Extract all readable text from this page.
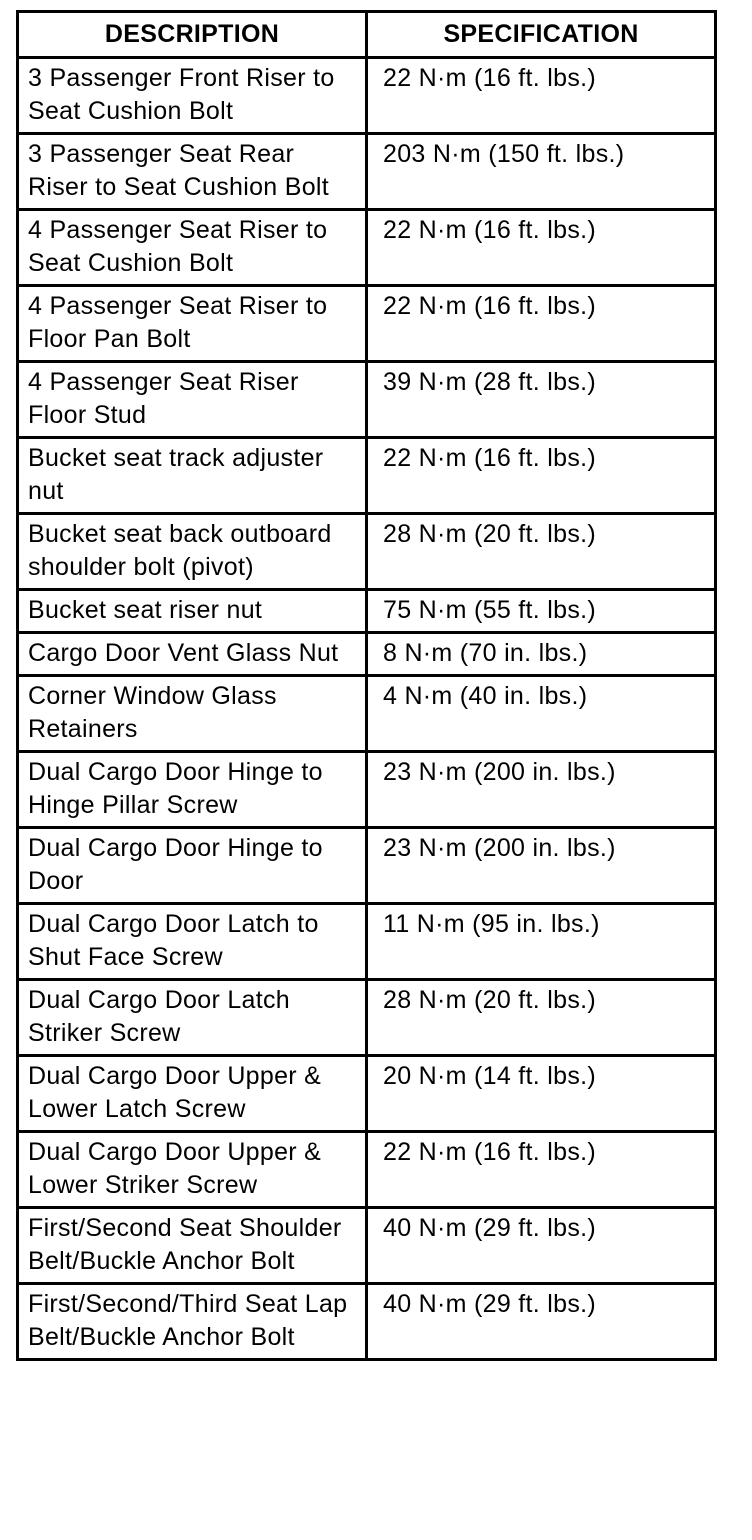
DESCRIPTION	SPECIFICATION
3 Passenger Front Riser to Seat Cushion Bolt	22 N·m (16 ft. lbs.)
3 Passenger Seat Rear Riser to Seat Cushion Bolt	203 N·m (150 ft. lbs.)
4 Passenger Seat Riser to Seat Cushion Bolt	22 N·m (16 ft. lbs.)
4 Passenger Seat Riser to Floor Pan Bolt	22 N·m (16 ft. lbs.)
4 Passenger Seat Riser Floor Stud	39 N·m (28 ft. lbs.)
Bucket seat track adjuster nut	22 N·m (16 ft. lbs.)
Bucket seat back outboard shoulder bolt (pivot)	28 N·m (20 ft. lbs.)
Bucket seat riser nut	75 N·m (55 ft. lbs.)
Cargo Door Vent Glass Nut	8 N·m (70 in. lbs.)
Corner Window Glass Retainers	4 N·m (40 in. lbs.)
Dual Cargo Door Hinge to Hinge Pillar Screw	23 N·m (200 in. lbs.)
Dual Cargo Door Hinge to Door	23 N·m (200 in. lbs.)
Dual Cargo Door Latch to Shut Face Screw	11 N·m (95 in. lbs.)
Dual Cargo Door Latch Striker Screw	28 N·m (20 ft. lbs.)
Dual Cargo Door Upper & Lower Latch Screw	20 N·m (14 ft. lbs.)
Dual Cargo Door Upper & Lower Striker Screw	22 N·m (16 ft. lbs.)
First/Second Seat Shoulder Belt/Buckle Anchor Bolt	40 N·m (29 ft. lbs.)
First/Second/Third Seat Lap Belt/Buckle Anchor Bolt	40 N·m (29 ft. lbs.)
